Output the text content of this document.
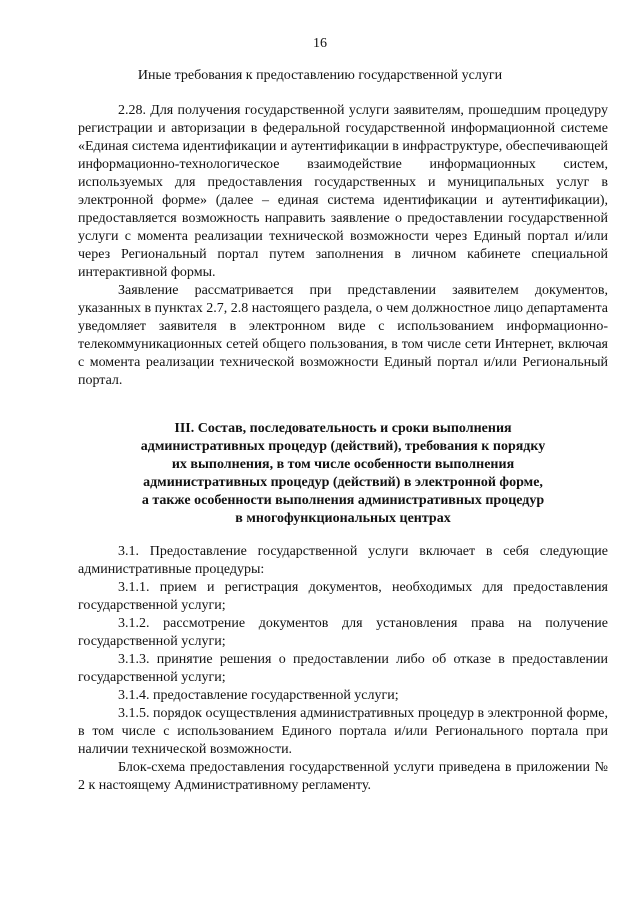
16
Иные требования к предоставлению государственной услуги

2.28. Для получения государственной услуги заявителям, прошедшим процедуру регистрации и авторизации в федеральной государственной информационной системе «Единая система идентификации и аутентификации в инфраструктуре, обеспечивающей информационно-технологическое взаимодействие информационных систем, используемых для предоставления государственных и муниципальных услуг в электронной форме» (далее – единая система идентификации и аутентификации), предоставляется возможность направить заявление о предоставлении государственной услуги с момента реализации технической возможности через Единый портал и/или через Региональный портал путем заполнения в личном кабинете специальной интерактивной формы.

Заявление рассматривается при представлении заявителем документов, указанных в пунктах 2.7, 2.8 настоящего раздела, о чем должностное лицо департамента уведомляет заявителя в электронном виде с использованием информационно-телекоммуникационных сетей общего пользования, в том числе сети Интернет, включая с момента реализации технической возможности Единый портал и/или Региональный портал.

III. Состав, последовательность и сроки выполнения
административных процедур (действий), требования к порядку
их выполнения, в том числе особенности выполнения
административных процедур (действий) в электронной форме,
а также особенности выполнения административных процедур
в многофункциональных центрах

3.1. Предоставление государственной услуги включает в себя следующие административные процедуры:

3.1.1. прием и регистрация документов, необходимых для предоставления государственной услуги;

3.1.2. рассмотрение документов для установления права на получение государственной услуги;

3.1.3. принятие решения о предоставлении либо об отказе в предоставлении государственной услуги;

3.1.4. предоставление государственной услуги;

3.1.5. порядок осуществления административных процедур в электронной форме, в том числе с использованием Единого портала и/или Регионального портала при наличии технической возможности.

Блок-схема предоставления государственной услуги приведена в приложении № 2 к настоящему Административному регламенту.
